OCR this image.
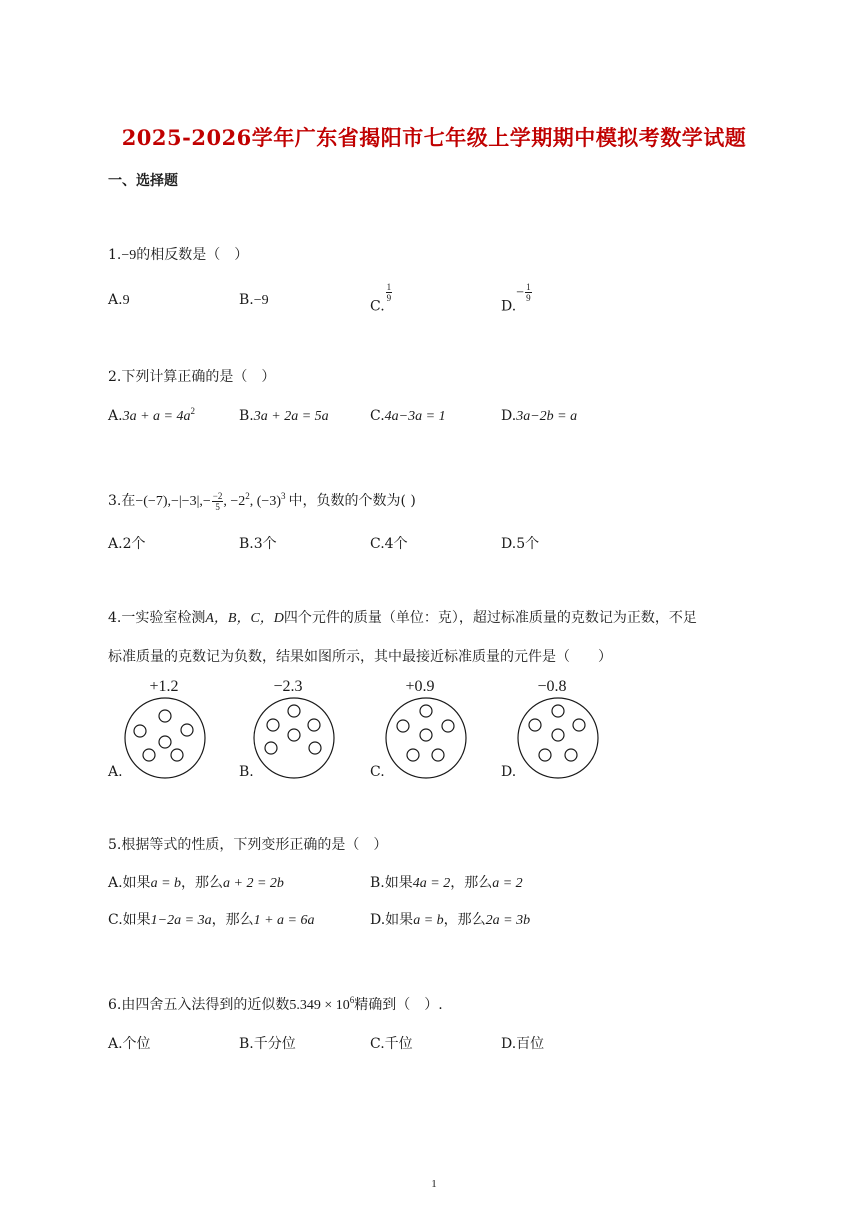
2025-2026学年广东省揭阳市七年级上学期期中模拟考数学试题
一、选择题
1.−9的相反数是（　）
A.9	B.−9	C.
$\frac{1}{9}$
$D.- \frac{1}{9}$
2.下列计算正确的是（　）
$A.3a + a = 4a^2$	B.3a + 2a = 5a	C.4a−3a = 1	D.3a−2b = a
3.在$-(-7),-|-3|,- \frac{-2}{5}$ , $-2^2$, $(-3)^3$ 中，负数的个数为( )
A.2个	B.3个	C.4个	D.5个
4.一实验室检测A，B，C，D四个元件的质量（单位：克），超过标准质量的克数记为正数，不足
标准质量的克数记为负数，结果如图所示，其中最接近标准质量的元件是（　　）
+1.2
A.
−2.3
B.
+0.9
C.
−0.8
D.
5.根据等式的性质，下列变形正确的是（　）
A.如果a = b，那么a + 2 = 2b	B.如果4a = 2，那么a = 2
C.如果1−2a = 3a，那么1 + a = 6a	D.如果a = b，那么2a = 3b
6.由四舍五入法得到的近似数$5.349 \times 10^6$精确到（　）.
A.个位	B.千分位	C.千位	D.百位
1
